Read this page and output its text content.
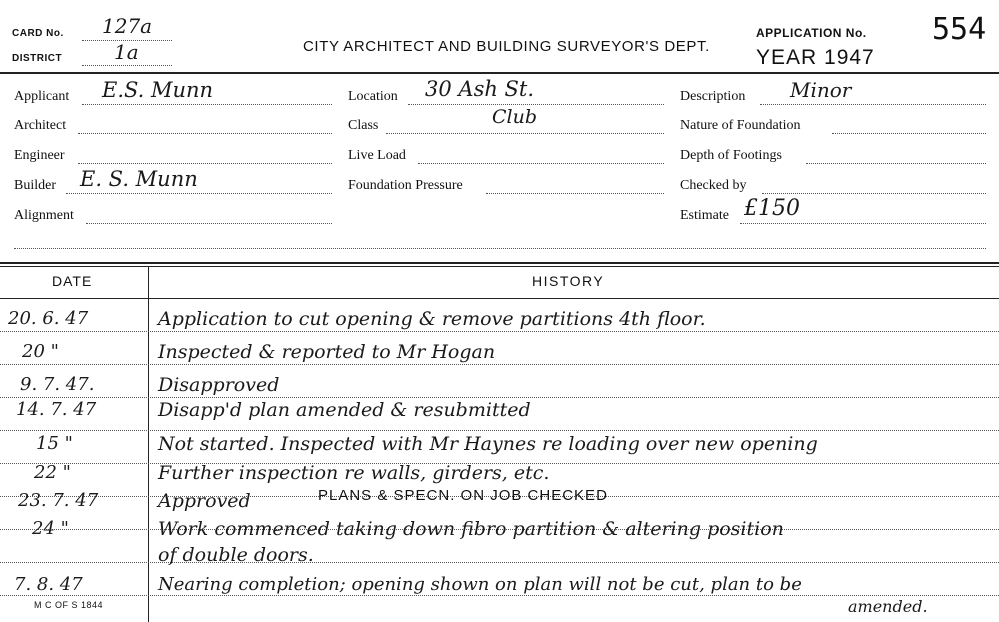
CARD No. 127a
DISTRICT	1a	CITY ARCHITECT AND BUILDING SURVEYOR'S DEPT.
APPLICATION No. 554
YEAR 1947
Applicant E.S. Munn
Architect
Engineer
Builder E. S. Munn
Alignment
Location 30 Ash St.
Class	Club
Live Load
Foundation Pressure
Description Minor
Nature of Foundation
Depth of Footings
Checked by
Estimate £150
DATE	HISTORY
20. 6. 47	Application to cut opening & remove partitions 4th floor.
20 "	Inspected & reported to Mr Hogan
9. 7. 47.	Disapproved
14. 7. 47	Disapp'd plan amended & resubmitted
15 "	Not started. Inspected with Mr Haynes re loading over new opening
22 "	Further inspection re walls, girders, etc.
23. 7. 47	Approved	PLANS & SPECN. ON JOB CHECKED
24 "	Work commenced taking down fibro partition & altering position
of double doors.
7. 8. 47	Nearing completion; opening shown on plan will not be cut, plan to be
amended.
M C OF S 1844
